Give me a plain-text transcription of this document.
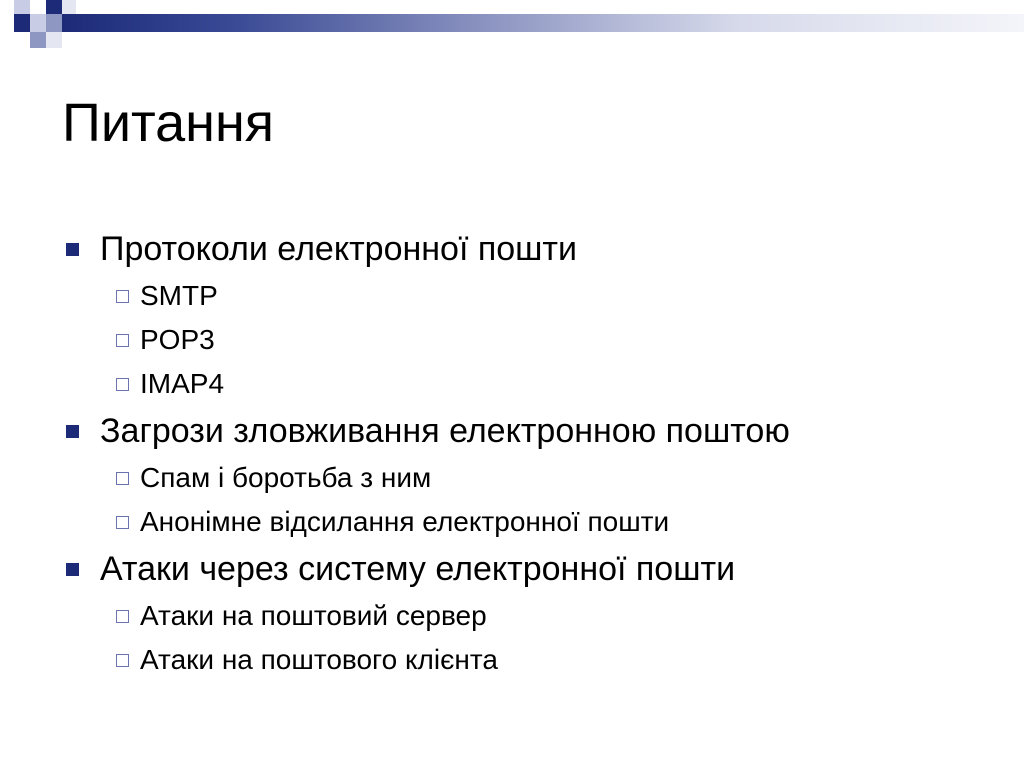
Питання
Протоколи електронної пошти
SMTP
POP3
IMAP4
Загрози зловживання електронною поштою
Спам і боротьба з ним
Анонімне відсилання електронної пошти
Атаки через систему електронної пошти
Атаки на поштовий сервер
Атаки на поштового клієнта
